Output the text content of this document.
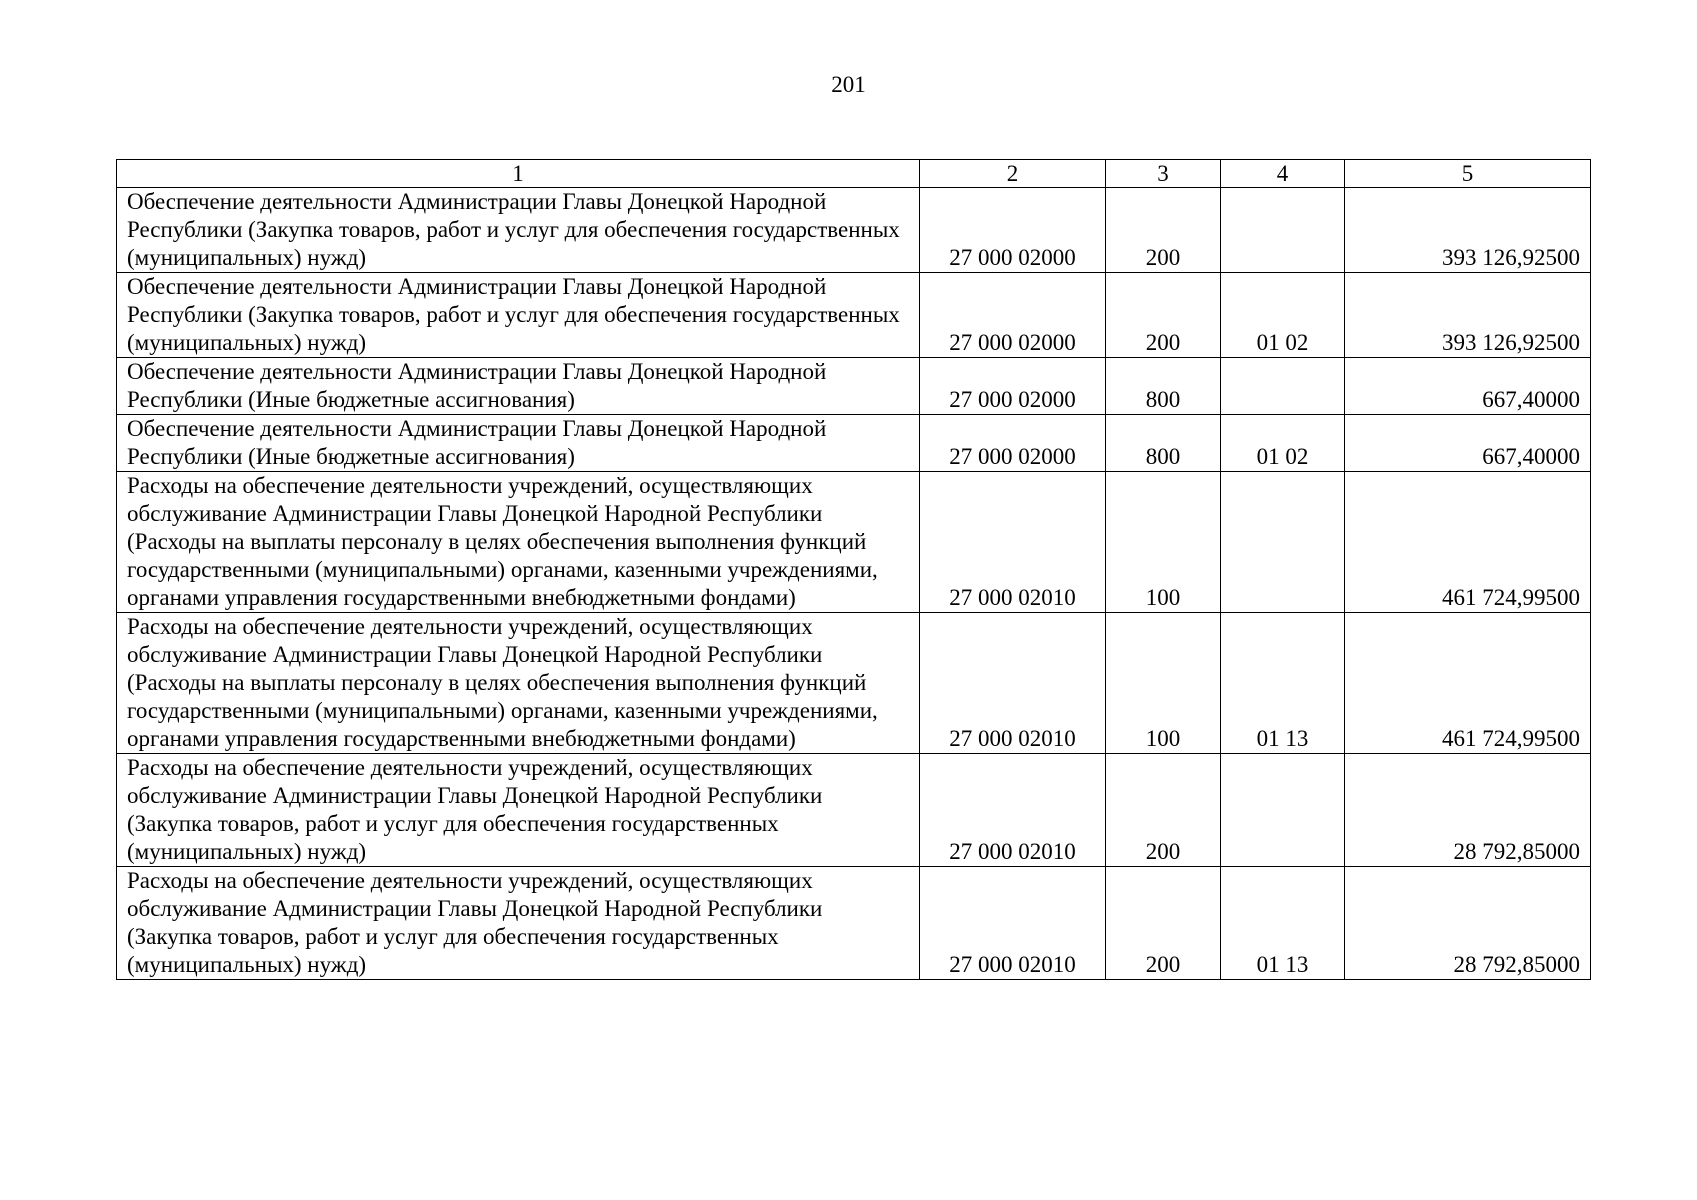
201
1	2	3	4	5
Обеспечение деятельности Администрации Главы Донецкой Народной Республики (Закупка товаров, работ и услуг для обеспечения государственных (муниципальных) нужд)	27 000 02000	200		393 126,92500
Обеспечение деятельности Администрации Главы Донецкой Народной Республики (Закупка товаров, работ и услуг для обеспечения государственных (муниципальных) нужд)	27 000 02000	200	01 02	393 126,92500
Обеспечение деятельности Администрации Главы Донецкой Народной Республики (Иные бюджетные ассигнования)	27 000 02000	800		667,40000
Обеспечение деятельности Администрации Главы Донецкой Народной Республики (Иные бюджетные ассигнования)	27 000 02000	800	01 02	667,40000
Расходы на обеспечение деятельности учреждений, осуществляющих обслуживание Администрации Главы Донецкой Народной Республики (Расходы на выплаты персоналу в целях обеспечения выполнения функций государственными (муниципальными) органами, казенными учреждениями, органами управления государственными внебюджетными фондами)	27 000 02010	100		461 724,99500
Расходы на обеспечение деятельности учреждений, осуществляющих обслуживание Администрации Главы Донецкой Народной Республики (Расходы на выплаты персоналу в целях обеспечения выполнения функций государственными (муниципальными) органами, казенными учреждениями, органами управления государственными внебюджетными фондами)	27 000 02010	100	01 13	461 724,99500
Расходы на обеспечение деятельности учреждений, осуществляющих обслуживание Администрации Главы Донецкой Народной Республики (Закупка товаров, работ и услуг для обеспечения государственных (муниципальных) нужд)	27 000 02010	200		28 792,85000
Расходы на обеспечение деятельности учреждений, осуществляющих обслуживание Администрации Главы Донецкой Народной Республики (Закупка товаров, работ и услуг для обеспечения государственных (муниципальных) нужд)	27 000 02010	200	01 13	28 792,85000
